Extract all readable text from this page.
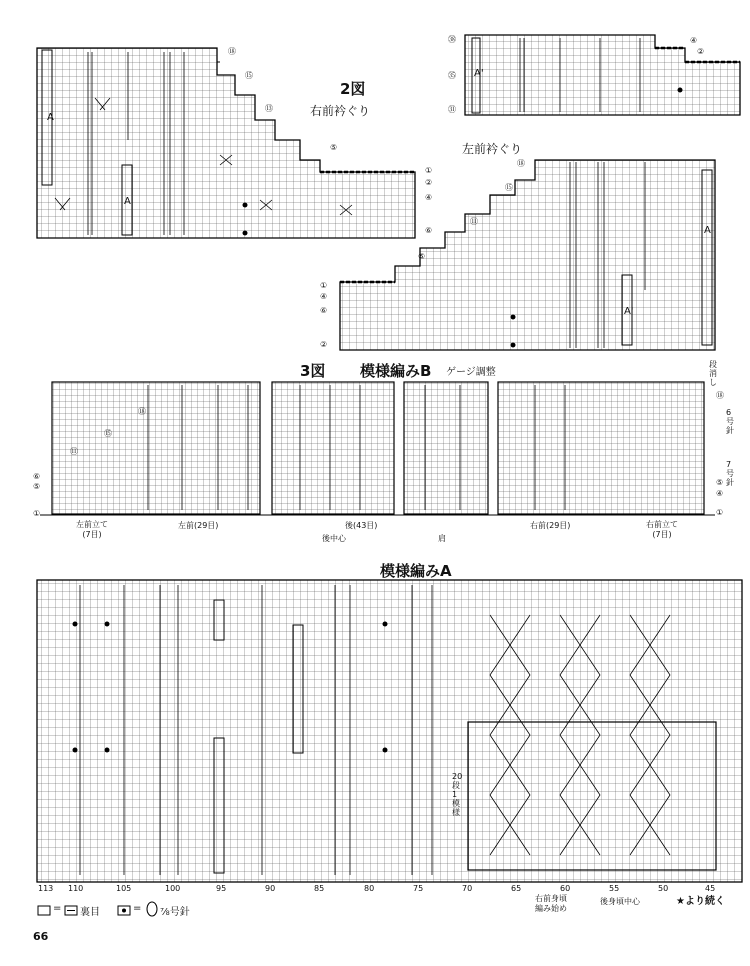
2図
右前衿ぐり
左前衿ぐり
A
A
A'
A
A'
⑱
⑮
⑬
⑤
①
②
④
⑥
㊳
㉟
㉛
④
②
⑱
⑮
⑪
⑤
①
④
⑥
②
3図 模様編みB ゲージ調整
段消し
⑱
6号針
7号針
⑤
④
①
⑱
⑮
⑪
⑥
⑤
①
左前立て
(7目)
左前(29目)	後(43目)
後中心	肩
右前(29目)	右前立て
(7目)
模様編みA
20段1模様
113 110	105	100	95	90	85	80	75	70	65	60	55	50	45
右前身頃
編み始め
後身頃中心	★より続く
= 裏目	= ⅞号針
66
